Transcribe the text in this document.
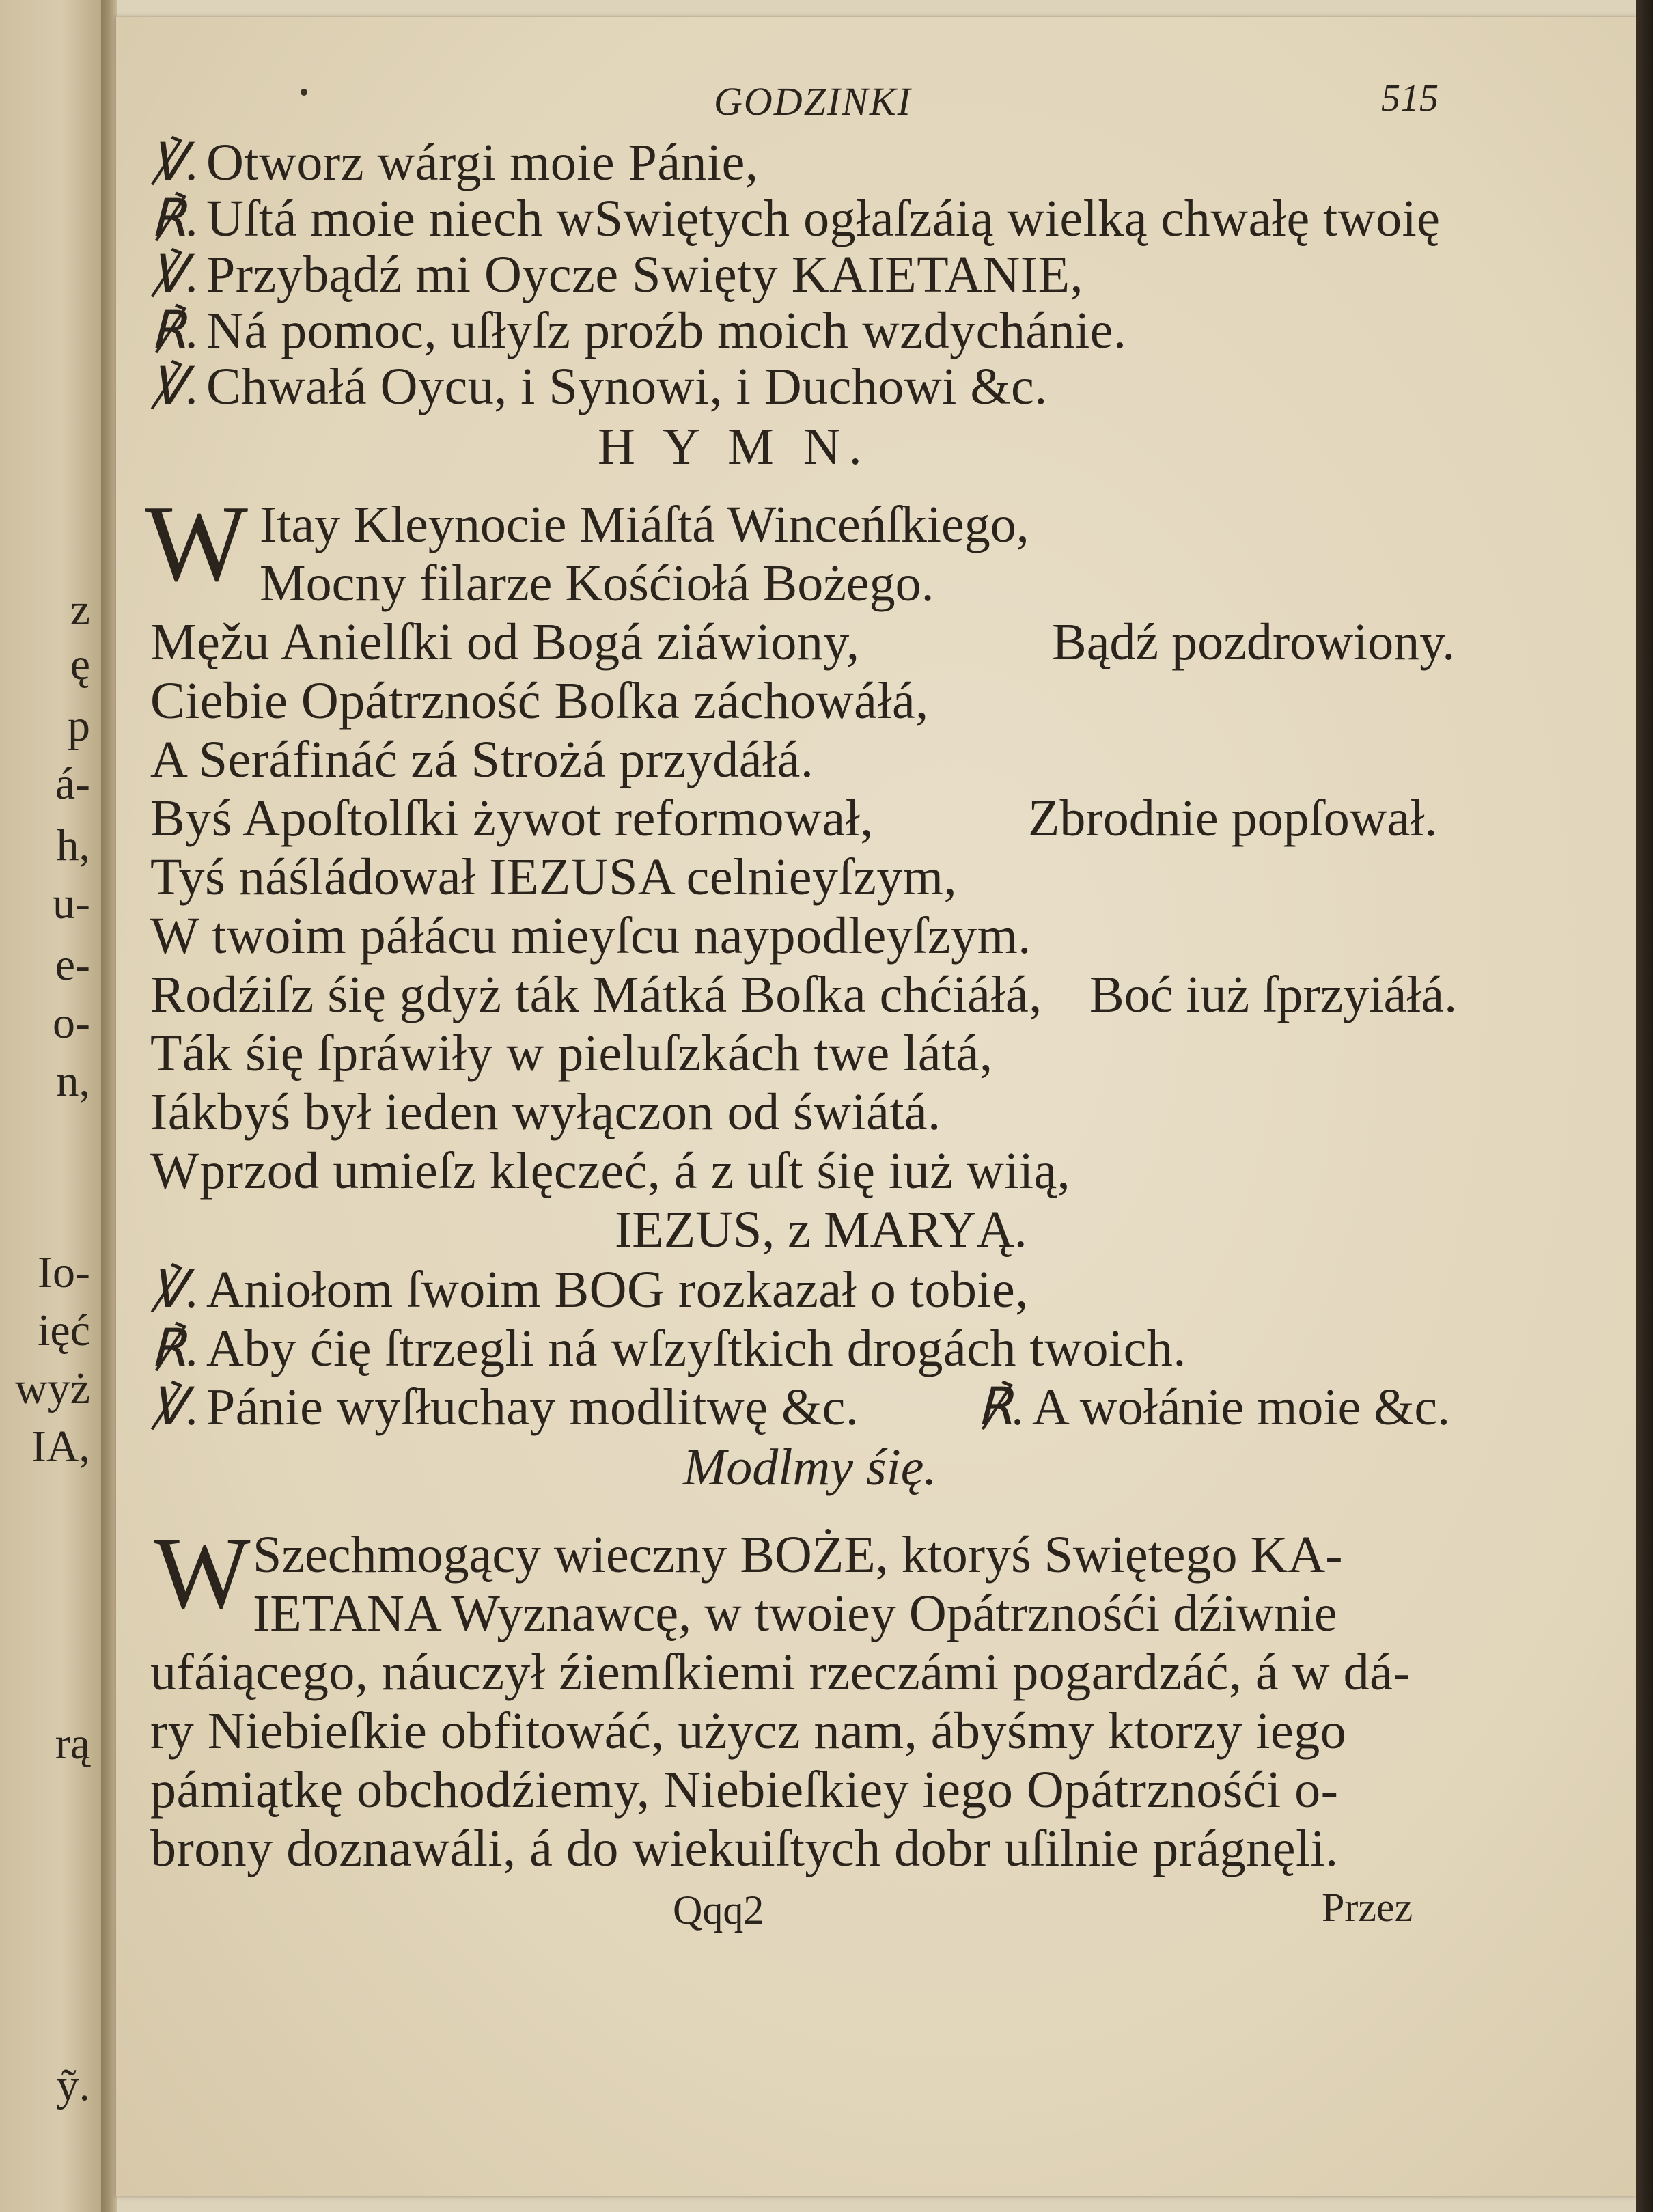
z
ę
p
á-
h,
u-
e-
o-
n,
Io-
ięć
wyż
IA,
rą
ỹ.
GODZINKI	515
℣. Otworz wárgi moie Pánie,
℟. Uſtá moie niech wSwiętych ogłaſzáią wielką chwałę twoię
℣. Przybądź mi Oycze Swięty KAIETANIE,
℟. Ná pomoc, uſłyſz proźb moich wzdychánie.
℣. Chwałá Oycu, i Synowi, i Duchowi &c.
H Y M N.
W Itay Kleynocie Miáſtá Winceńſkiego,
Mocny filarze Kośćiołá Bożego.
Męžu Anielſki od Bogá ziáwiony,	Bądź pozdrowiony.
Ciebie Opátrzność Boſka záchowáłá,
A Seráfináć zá Strożá przydáłá.
Byś Apoſtolſki żywot reformował,	Zbrodnie popſował.
Tyś náśládował IEZUSA celnieyſzym,
W twoim páłácu mieyſcu naypodleyſzym.
Rodźiſz śię gdyż ták Mátká Boſka chćiáłá, Boć iuż ſprzyiáłá.
Ták śię ſpráwiły w pieluſzkách twe látá,
Iákbyś był ieden wyłączon od świátá.
Wprzod umieſz klęczeć, á z uſt śię iuż wiią,
IEZUS, z MARYĄ.
℣. Aniołom ſwoim BOG rozkazał o tobie,
℟. Aby ćię ſtrzegli ná wſzyſtkich drogách twoich.
℣. Pánie wyſłuchay modlitwę &c. ℟. A wołánie moie &c.
Modlmy śię.
W Szechmogący wieczny BOŻE, ktoryś Swiętego KA-
IETANA Wyznawcę, w twoiey Opátrznośći dźiwnie
ufáiącego, náuczył źiemſkiemi rzeczámi pogardzáć, á w dá-
ry Niebieſkie obfitowáć, użycz nam, ábyśmy ktorzy iego
pámiątkę obchodźiemy, Niebieſkiey iego Opátrznośći o-
brony doznawáli, á do wiekuiſtych dobr uſilnie prágnęli.
Qqq2	Przez
